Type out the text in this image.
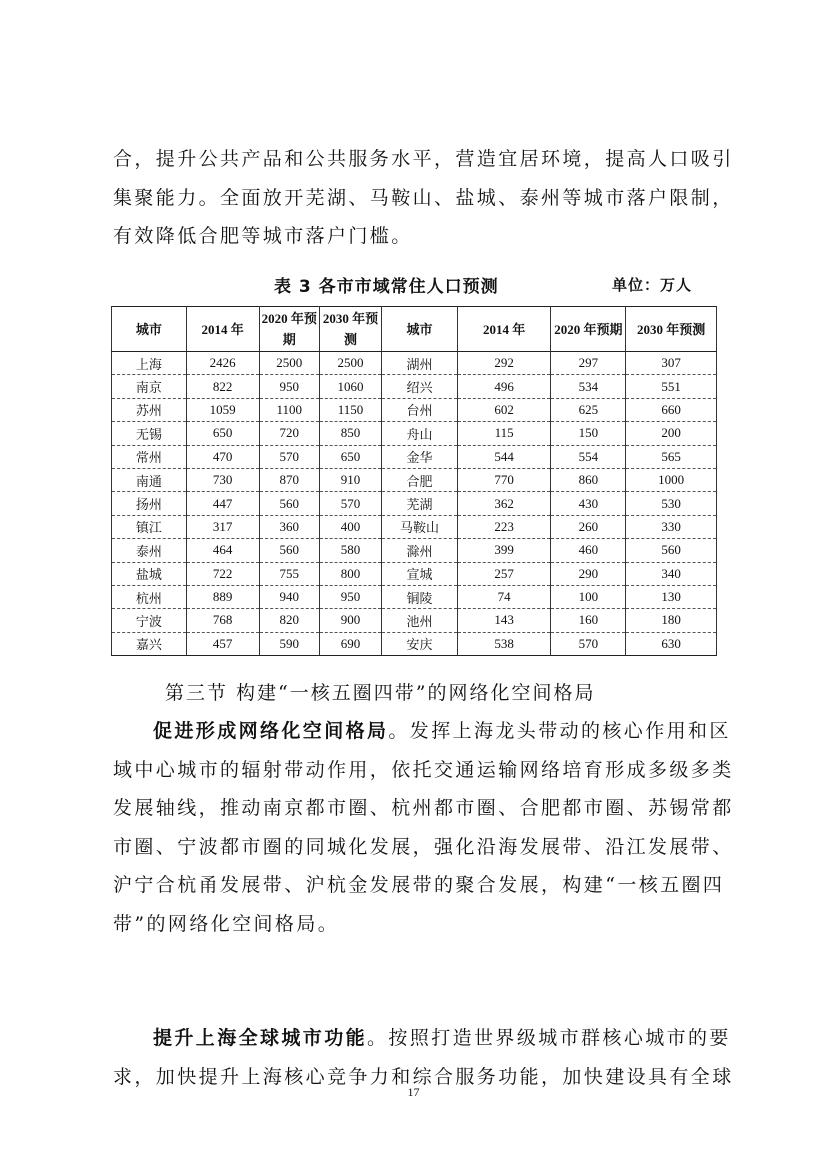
合，提升公共产品和公共服务水平，营造宜居环境，提高人口吸引
集聚能力。全面放开芜湖、马鞍山、盐城、泰州等城市落户限制，
有效降低合肥等城市落户门槛。
表 3 各市市域常住人口预测	单位：万人
城市	2014 年	2020 年预期	2030 年预测	城市	2014 年	2020 年预期	2030 年预测
上海	2426	2500	2500	湖州	292	297	307
南京	822	950	1060	绍兴	496	534	551
苏州	1059	1100	1150	台州	602	625	660
无锡	650	720	850	舟山	115	150	200
常州	470	570	650	金华	544	554	565
南通	730	870	910	合肥	770	860	1000
扬州	447	560	570	芜湖	362	430	530
镇江	317	360	400	马鞍山	223	260	330
泰州	464	560	580	滁州	399	460	560
盐城	722	755	800	宣城	257	290	340
杭州	889	940	950	铜陵	74	100	130
宁波	768	820	900	池州	143	160	180
嘉兴	457	590	690	安庆	538	570	630
第三节 构建“一核五圈四带”的网络化空间格局
促进形成网络化空间格局。发挥上海龙头带动的核心作用和区
域中心城市的辐射带动作用，依托交通运输网络培育形成多级多类
发展轴线，推动南京都市圈、杭州都市圈、合肥都市圈、苏锡常都
市圈、宁波都市圈的同城化发展，强化沿海发展带、沿江发展带、
沪宁合杭甬发展带、沪杭金发展带的聚合发展，构建“一核五圈四
带”的网络化空间格局。
提升上海全球城市功能。按照打造世界级城市群核心城市的要
求，加快提升上海核心竞争力和综合服务功能，加快建设具有全球
17
